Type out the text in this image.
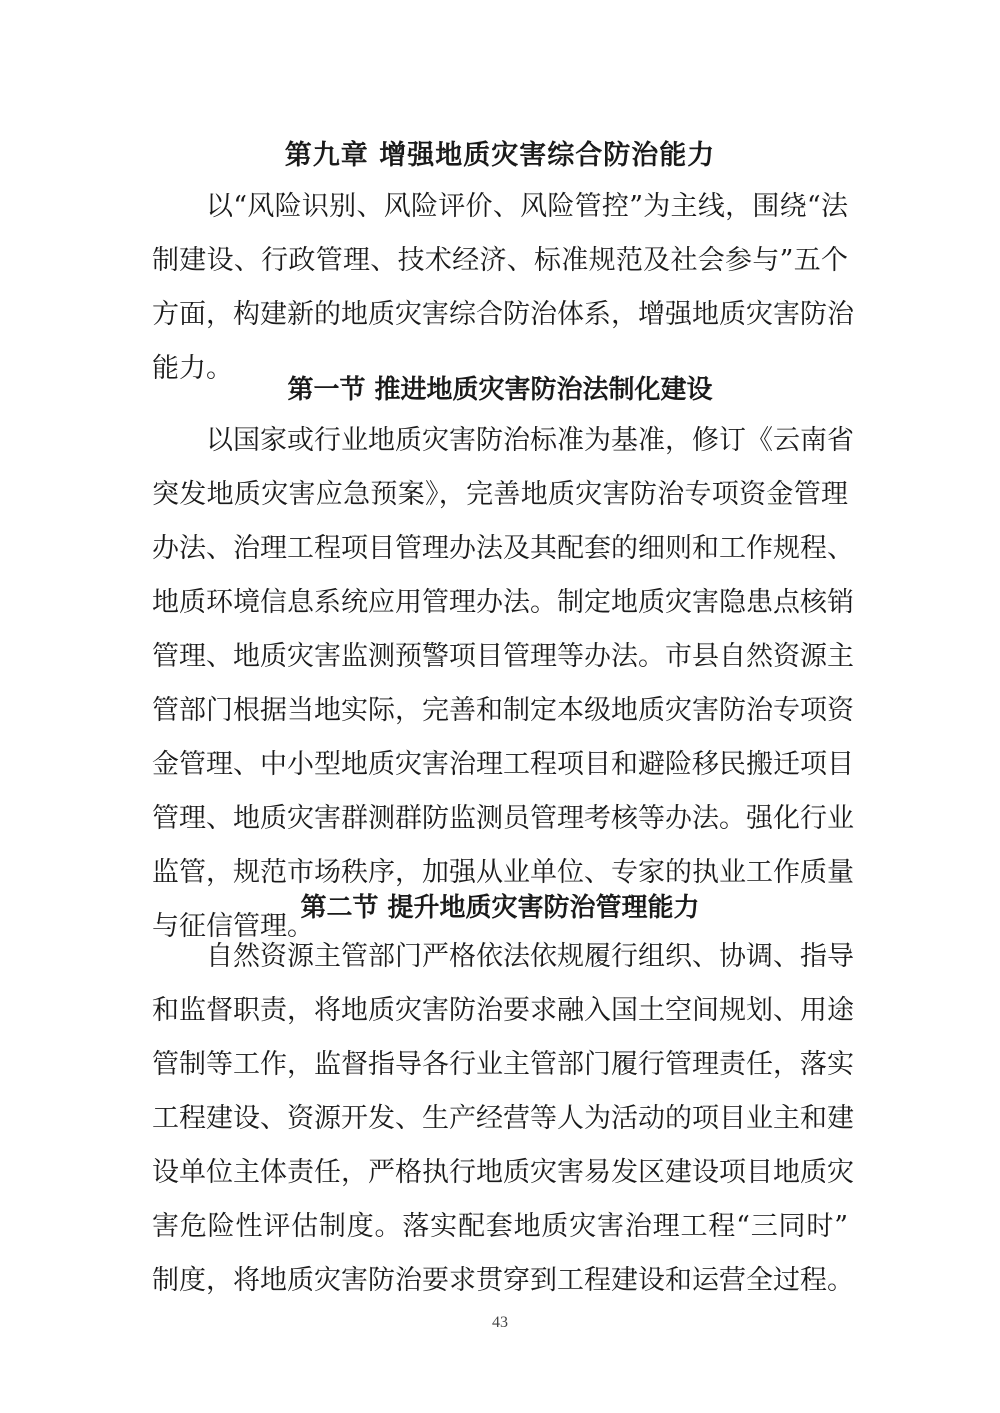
第九章 增强地质灾害综合防治能力
以“风险识别、风险评价、风险管控”为主线，围绕“法
制建设、行政管理、技术经济、标准规范及社会参与”五个
方面，构建新的地质灾害综合防治体系，增强地质灾害防治
能力。
第一节 推进地质灾害防治法制化建设
以国家或行业地质灾害防治标准为基准，修订《云南省
突发地质灾害应急预案》，完善地质灾害防治专项资金管理
办法、治理工程项目管理办法及其配套的细则和工作规程、
地质环境信息系统应用管理办法。制定地质灾害隐患点核销
管理、地质灾害监测预警项目管理等办法。市县自然资源主
管部门根据当地实际，完善和制定本级地质灾害防治专项资
金管理、中小型地质灾害治理工程项目和避险移民搬迁项目
管理、地质灾害群测群防监测员管理考核等办法。强化行业
监管，规范市场秩序，加强从业单位、专家的执业工作质量
与征信管理。
第二节 提升地质灾害防治管理能力
自然资源主管部门严格依法依规履行组织、协调、指导
和监督职责，将地质灾害防治要求融入国土空间规划、用途
管制等工作，监督指导各行业主管部门履行管理责任，落实
工程建设、资源开发、生产经营等人为活动的项目业主和建
设单位主体责任，严格执行地质灾害易发区建设项目地质灾
害危险性评估制度。落实配套地质灾害治理工程“三同时”
制度，将地质灾害防治要求贯穿到工程建设和运营全过程。
43
